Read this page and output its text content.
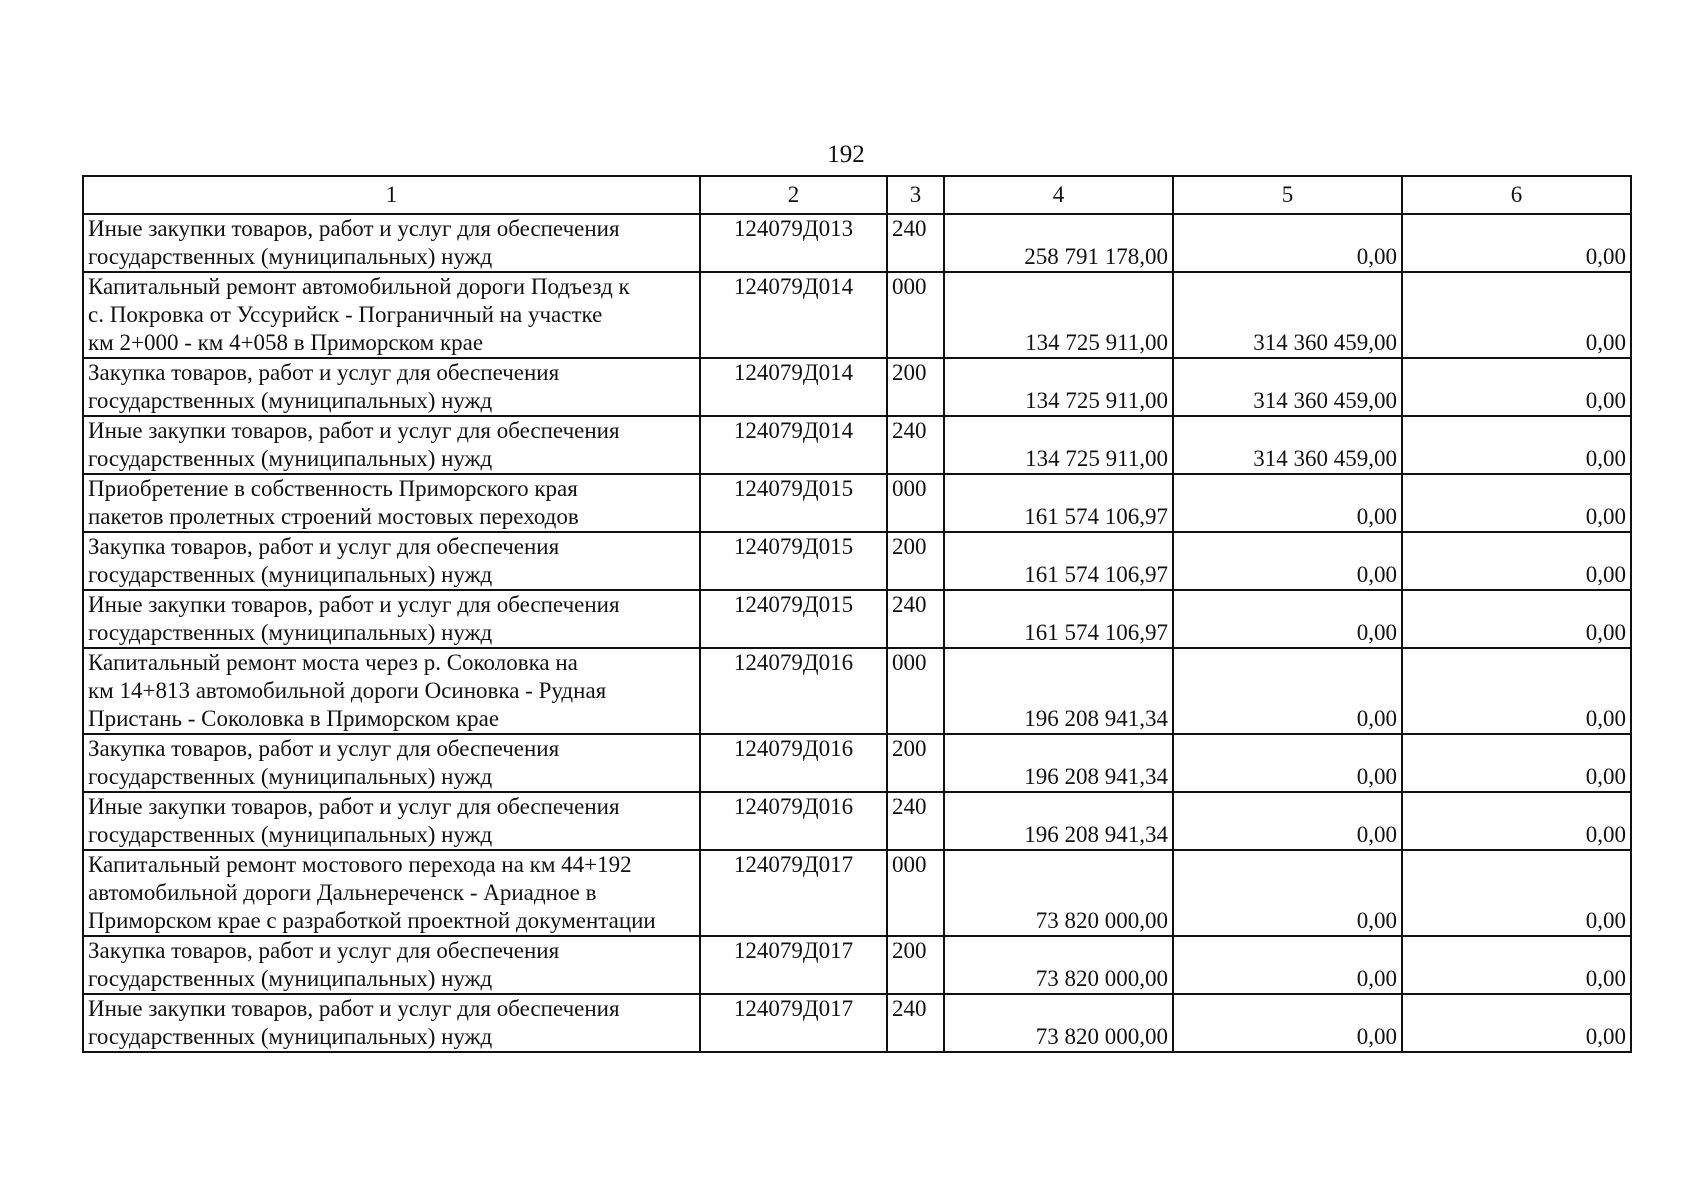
192
1	2	3	4	5	6

Иные закупки товаров, работ и услуг для обеспечения
государственных (муниципальных) нужд	124079Д013	240	258 791 178,00	0,00	0,00

Капитальный ремонт автомобильной дороги Подъезд к
с. Покровка от Уссурийск - Пограничный на участке
км 2+000 - км 4+058 в Приморском крае	124079Д014	000	134 725 911,00	314 360 459,00	0,00

Закупка товаров, работ и услуг для обеспечения
государственных (муниципальных) нужд	124079Д014	200	134 725 911,00	314 360 459,00	0,00

Иные закупки товаров, работ и услуг для обеспечения
государственных (муниципальных) нужд	124079Д014	240	134 725 911,00	314 360 459,00	0,00

Приобретение в собственность Приморского края
пакетов пролетных строений мостовых переходов	124079Д015	000	161 574 106,97	0,00	0,00

Закупка товаров, работ и услуг для обеспечения
государственных (муниципальных) нужд	124079Д015	200	161 574 106,97	0,00	0,00

Иные закупки товаров, работ и услуг для обеспечения
государственных (муниципальных) нужд	124079Д015	240	161 574 106,97	0,00	0,00

Капитальный ремонт моста через р. Соколовка на
км 14+813 автомобильной дороги Осиновка - Рудная
Пристань - Соколовка в Приморском крае	124079Д016	000	196 208 941,34	0,00	0,00

Закупка товаров, работ и услуг для обеспечения
государственных (муниципальных) нужд	124079Д016	200	196 208 941,34	0,00	0,00

Иные закупки товаров, работ и услуг для обеспечения
государственных (муниципальных) нужд	124079Д016	240	196 208 941,34	0,00	0,00

Капитальный ремонт мостового перехода на км 44+192
автомобильной дороги Дальнереченск - Ариадное в
Приморском крае с разработкой проектной документации	124079Д017	000	73 820 000,00	0,00	0,00

Закупка товаров, работ и услуг для обеспечения
государственных (муниципальных) нужд	124079Д017	200	73 820 000,00	0,00	0,00

Иные закупки товаров, работ и услуг для обеспечения
государственных (муниципальных) нужд	124079Д017	240	73 820 000,00	0,00	0,00
